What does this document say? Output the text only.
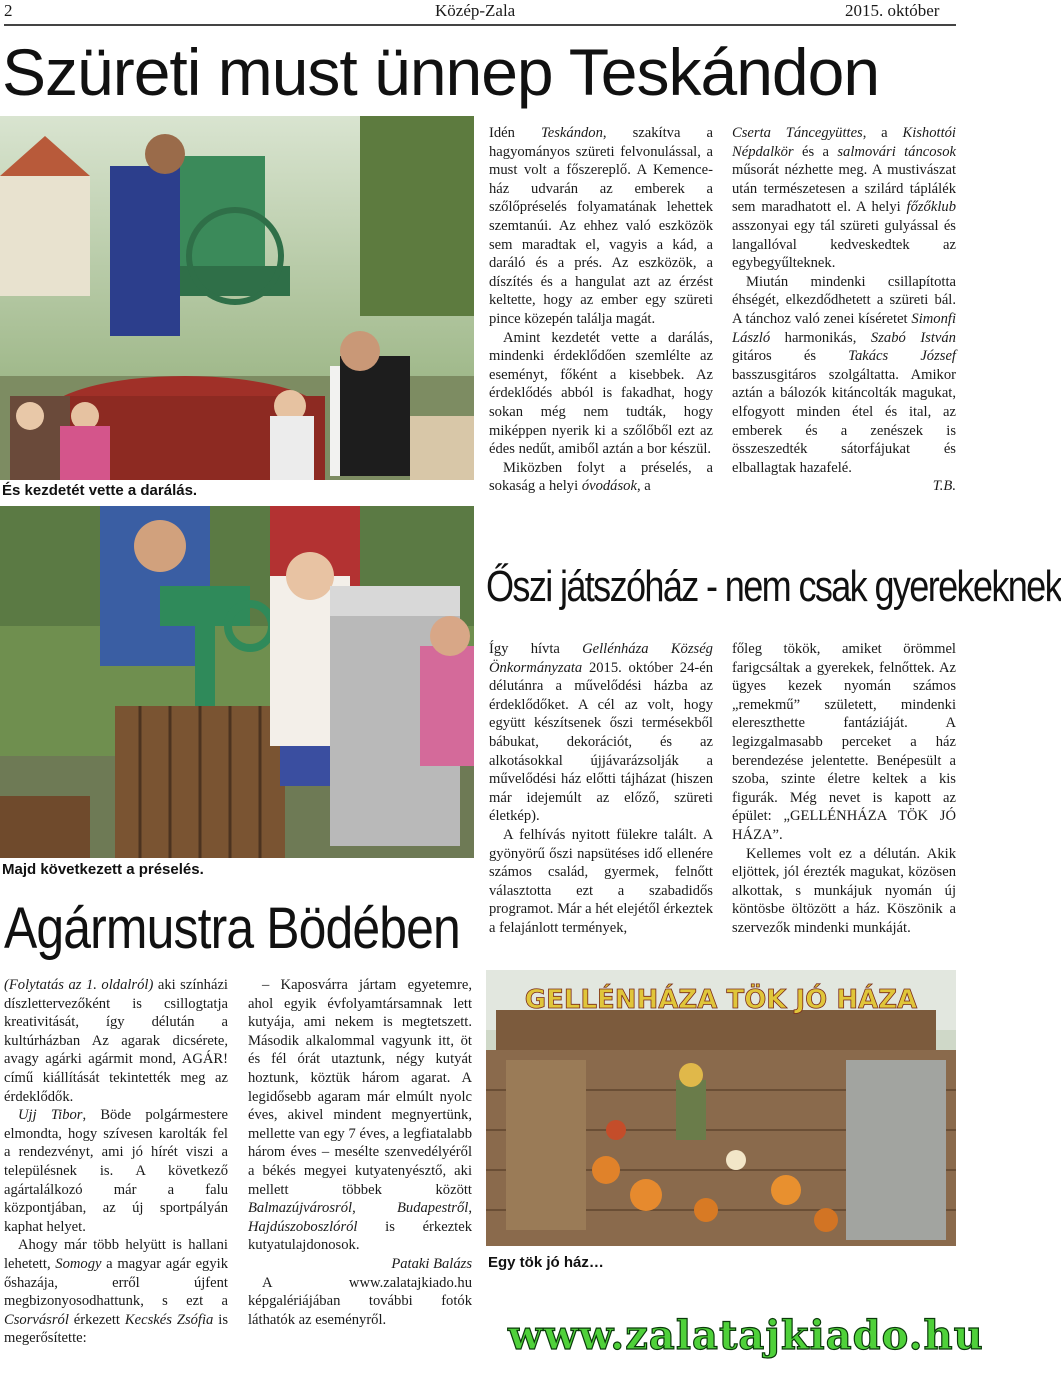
2	Közép-Zala	2015. október
Szüreti must ünnep Teskándon
És kezdetét vette a darálás.

Idén Teskándon, szakítva a hagyományos szüreti felvonulással, a must volt a főszereplő. A Kemence-ház udvarán az emberek a szőlőpréselés folyamatának lehettek szemtanúi. Az ehhez való eszközök sem maradtak el, vagyis a kád, a daráló és a prés. Az eszközök, a díszítés és a hangulat azt az érzést keltette, hogy az ember egy szüreti pince közepén találja magát.

Amint kezdetét vette a darálás, mindenki érdeklődően szemlélte az eseményt, főként a kisebbek. Az érdeklődés abból is fakadhat, hogy sokan még nem tudták, hogy miképpen nyerik ki a szőlőből ezt az édes nedűt, amiből aztán a bor készül.

Miközben folyt a préselés, a sokaság a helyi óvodások, a

Cserta Táncegyüttes, a Kishottói Népdalkör és a salmovári táncosok műsorát nézhette meg. A mustivászat után természetesen a szilárd táplálék sem maradhatott el. A helyi főzőklub asszonyai egy tál szüreti gulyással és langallóval kedveskedtek az egybegyűlteknek.

Miután mindenki csillapította éhségét, elkezdődhetett a szüreti bál. A tánchoz való zenei kíséretet Simonfi László harmonikás, Szabó István gitáros és Takács József basszusgitáros szolgáltatta. Amikor aztán a bálozók kitáncolták magukat, elfogyott minden étel és ital, az emberek és a zenészek is összeszedték sátorfájukat és elballagtak hazafelé.

T.B.

Majd következett a préselés.
Őszi játszóház - nem csak gyerekeknek

Így hívta Gellénháza Község Önkormányzata 2015. október 24-én délutánra a művelődési házba az érdeklődőket. A cél az volt, hogy együtt készítsenek őszi termésekből bábukat, dekorációt, és az alkotásokkal újjávarázsolják a művelődési ház előtti tájházat (hiszen már idejemúlt az előző, szüreti életkép).

A felhívás nyitott fülekre talált. A gyönyörű őszi napsütéses idő ellenére számos család, gyermek, felnőtt választotta ezt a szabadidős programot. Már a hét elejétől érkeztek a felajánlott termények,

főleg tökök, amiket örömmel farigcsáltak a gyerekek, felnőttek. Az ügyes kezek nyomán számos „remekmű” született, mindenki elereszthette fantáziáját. A legizgalmasabb perceket a ház berendezése jelentette. Benépesült a szoba, szinte életre keltek a kis figurák. Még nevet is kapott az épület: „GELLÉNHÁZA TÖK JÓ HÁZA”.

Kellemes volt ez a délután. Akik eljöttek, jól érezték magukat, közösen alkottak, s munkájuk nyomán új köntösbe öltözött a ház. Köszönik a szervezők mindenki munkáját.

Agármustra Bödében

(Folytatás az 1. oldalról) aki színházi díszlettervezőként is csillogtatja kreativitását, így délután a kultúrházban Az agarak dicsérete, avagy agárki agármit mond, AGÁR! című kiállítását tekintették meg az érdeklődők.

Ujj Tibor, Böde polgármestere elmondta, hogy szívesen karolták fel a rendezvényt, ami jó hírét viszi a településnek is. A következő agártalálkozó már a falu központjában, az új sportpályán kaphat helyet.

Ahogy már több helyütt is hallani lehetett, Somogy a magyar agár egyik őshazája, erről újfent megbizonyosodhattunk, s ezt a Csorvásról érkezett Kecskés Zsófia is megerősítette:

– Kaposvárra jártam egyetemre, ahol egyik évfolyamtársamnak lett kutyája, ami nekem is megtetszett. Második alkalommal vagyunk itt, öt és fél órát utaztunk, négy kutyát hoztunk, köztük három agarat. A legidősebb agaram már elmúlt nyolc éves, akivel mindent megnyertünk, mellette van egy 7 éves, a legfiatalabb három éves – mesélte szenvedélyéről a békés megyei kutyatenyésztő, aki mellett többek között Balmazújvárosról, Budapestről, Hajdúszoboszlóról is érkeztek kutyatulajdonosok.

Pataki Balázs

A www.zalatajkiado.hu képgalériájában további fotók láthatók az eseményről.

GELLÉNHÁZA TÖK JÓ HÁZA
Egy tök jó ház…
www.zalatajkiado.hu
